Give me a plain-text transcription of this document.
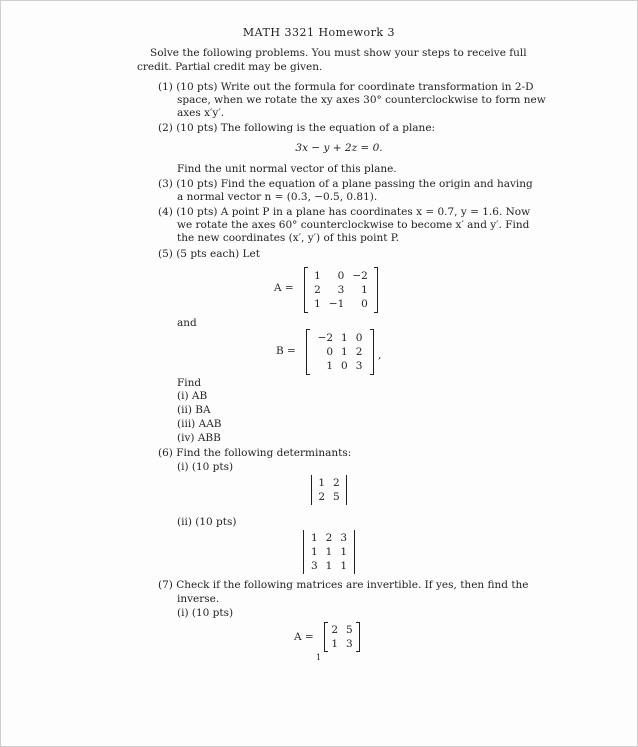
MATH 3321 Homework 3
Solve the following problems. You must show your steps to receive full
credit. Partial credit may be given.
(1) (10 pts) Write out the formula for coordinate transformation in 2-D
space, when we rotate the xy axes 30° counterclockwise to form new
axes x′y′.
(2) (10 pts) The following is the equation of a plane:
3x − y + 2z = 0.
Find the unit normal vector of this plane.
(3) (10 pts) Find the equation of a plane passing the origin and having
a normal vector n = (0.3, −0.5, 0.81).
(4) (10 pts) A point P in a plane has coordinates x = 0.7, y = 1.6. Now
we rotate the axes 60° counterclockwise to become x′ and y′. Find
the new coordinates (x′, y′) of this point P.
(5) (5 pts each) Let
A =
1	0	−2
2	3	1
1	−1	0
and
B =
−2	1	0
0	1	2
1	0	3
,
Find
(i) AB
(ii) BA
(iii) AAB
(iv) ABB
(6) Find the following determinants:
(i) (10 pts)
1	2
2	5
(ii) (10 pts)
1	2	3
1	1	1
3	1	1
(7) Check if the following matrices are invertible. If yes, then find the
inverse.
(i) (10 pts)
A =
2	5
1	3
1
